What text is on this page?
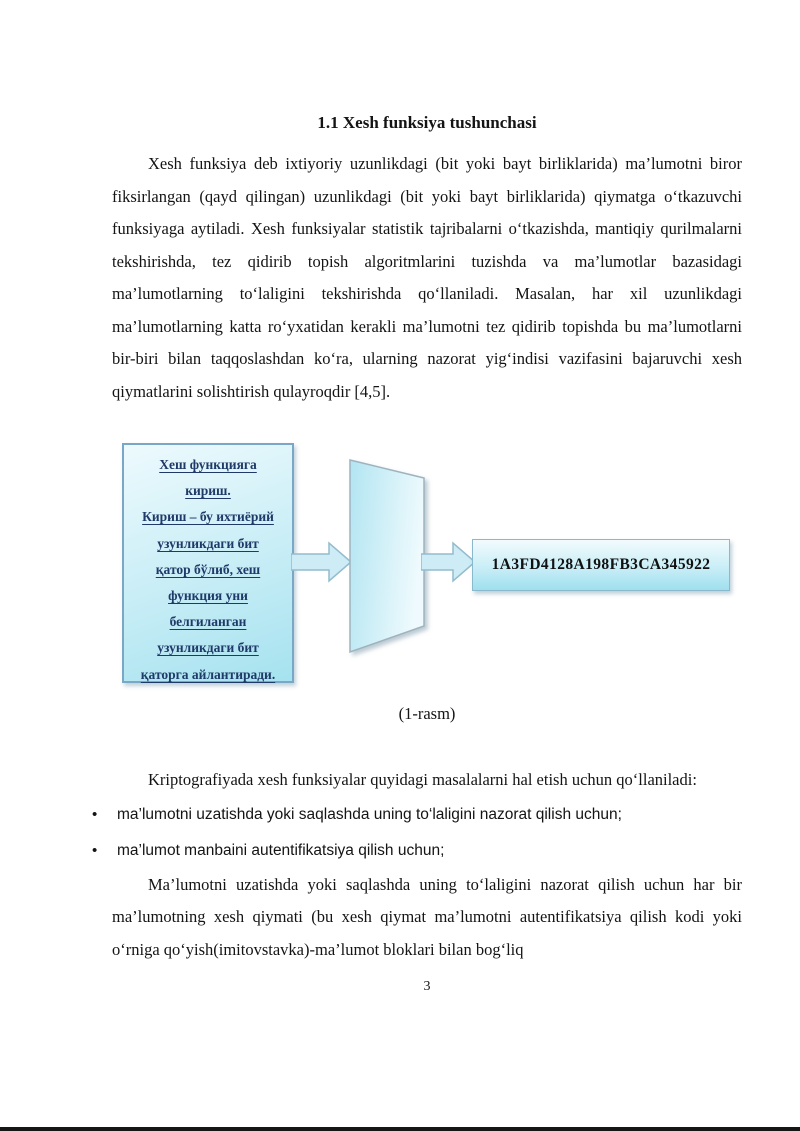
1.1 Xesh funksiya tushunchasi

Xesh funksiya deb ixtiyoriy uzunlikdagi (bit yoki bayt birliklarida) ma’lumotni biror fiksirlangan (qayd qilingan) uzunlikdagi (bit yoki bayt birliklarida) qiymatga o‘tkazuvchi funksiyaga aytiladi. Xesh funksiyalar statistik tajribalarni o‘tkazishda, mantiqiy qurilmalarni tekshirishda, tez qidirib topish algoritmlarini tuzishda va ma’lumotlar bazasidagi ma’lumotlarning to‘laligini tekshirishda qo‘llaniladi. Masalan, har xil uzunlikdagi ma’lumotlarning katta ro‘yxatidan kerakli ma’lumotni tez qidirib topishda bu ma’lumotlarni bir-biri bilan taqqoslashdan ko‘ra, ularning nazorat yig‘indisi vazifasini bajaruvchi xesh qiymatlarini solishtirish qulayroqdir [4,5].

Хеш функцияга
кириш.
Кириш – бу ихтиёрий
узунликдаги бит
қатор бўлиб, хеш
функция уни
белгиланган
узунликдаги бит
қаторга айлантиради.
1A3FD4128A198FB3CA345922
(1-rasm)

Kriptografiyada xesh funksiyalar quyidagi masalalarni hal etish uchun qo‘llaniladi:

• ma’lumotni uzatishda yoki saqlashda uning to‘laligini nazorat qilish uchun;
• ma’lumot manbaini autentifikatsiya qilish uchun;

Ma’lumotni uzatishda yoki saqlashda uning to‘laligini nazorat qilish uchun har bir ma’lumotning xesh qiymati (bu xesh qiymat ma’lumotni autentifikatsiya qilish kodi yoki o‘rniga qo‘yish(imitovstavka)-ma’lumot bloklari bilan bog‘liq

3
